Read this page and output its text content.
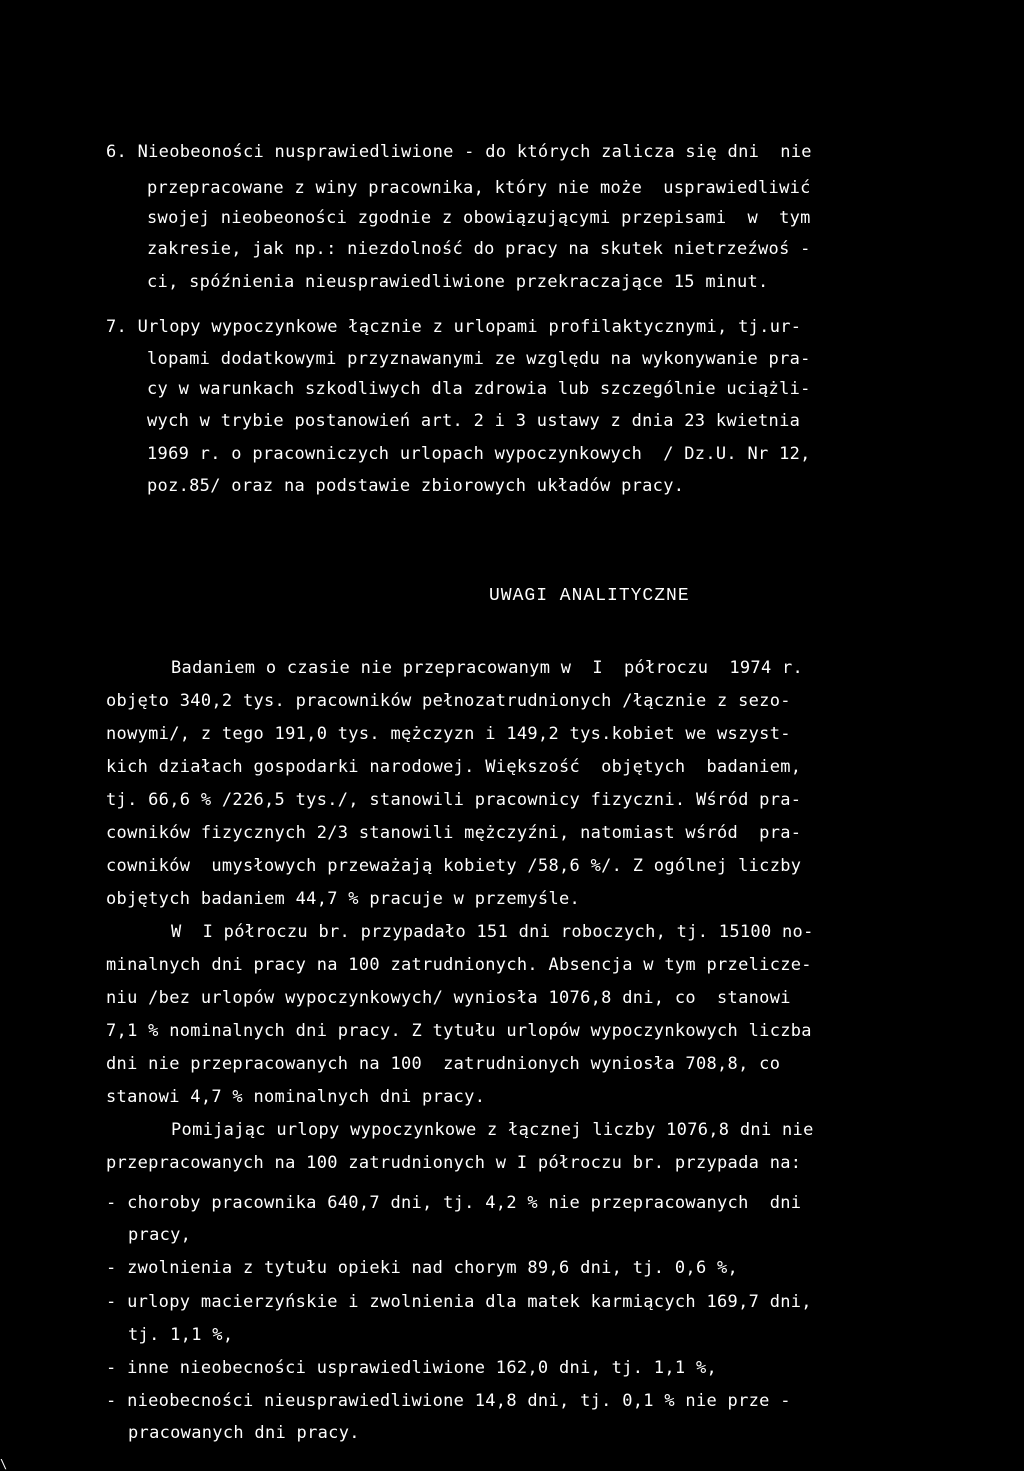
6. Nieobeoności nusprawiedliwione - do których zalicza się dni  nie
przepracowane z winy pracownika, który nie może  usprawiedliwić
swojej nieobeoności zgodnie z obowiązującymi przepisami  w  tym
zakresie, jak np.: niezdolność do pracy na skutek nietrzeźwoś -
ci, spóźnienia nieusprawiedliwione przekraczające 15 minut.
7. Urlopy wypoczynkowe łącznie z urlopami profilaktycznymi, tj.ur-
lopami dodatkowymi przyznawanymi ze względu na wykonywanie pra-
cy w warunkach szkodliwych dla zdrowia lub szczególnie uciążli-
wych w trybie postanowień art. 2 i 3 ustawy z dnia 23 kwietnia
1969 r. o pracowniczych urlopach wypoczynkowych  / Dz.U. Nr 12,
poz.85/ oraz na podstawie zbiorowych układów pracy.
UWAGI ANALITYCZNE
Badaniem o czasie nie przepracowanym w  I  półroczu  1974 r.
objęto 340,2 tys. pracowników pełnozatrudnionych /łącznie z sezo-
nowymi/, z tego 191,0 tys. mężczyzn i 149,2 tys.kobiet we wszyst-
kich działach gospodarki narodowej. Większość  objętych  badaniem,
tj. 66,6 % /226,5 tys./, stanowili pracownicy fizyczni. Wśród pra-
cowników fizycznych 2/3 stanowili mężczyźni, natomiast wśród  pra-
cowników  umysłowych przeważają kobiety /58,6 %/. Z ogólnej liczby
objętych badaniem 44,7 % pracuje w przemyśle.
W  I półroczu br. przypadało 151 dni roboczych, tj. 15100 no-
minalnych dni pracy na 100 zatrudnionych. Absencja w tym przelicze-
niu /bez urlopów wypoczynkowych/ wyniosła 1076,8 dni, co  stanowi
7,1 % nominalnych dni pracy. Z tytułu urlopów wypoczynkowych liczba
dni nie przepracowanych na 100  zatrudnionych wyniosła 708,8, co
stanowi 4,7 % nominalnych dni pracy.
Pomijając urlopy wypoczynkowe z łącznej liczby 1076,8 dni nie
przepracowanych na 100 zatrudnionych w I półroczu br. przypada na:
- choroby pracownika 640,7 dni, tj. 4,2 % nie przepracowanych  dni
pracy,
- zwolnienia z tytułu opieki nad chorym 89,6 dni, tj. 0,6 %,
- urlopy macierzyńskie i zwolnienia dla matek karmiących 169,7 dni,
tj. 1,1 %,
- inne nieobecności usprawiedliwione 162,0 dni, tj. 1,1 %,
- nieobecności nieusprawiedliwione 14,8 dni, tj. 0,1 % nie prze -
pracowanych dni pracy.
\
